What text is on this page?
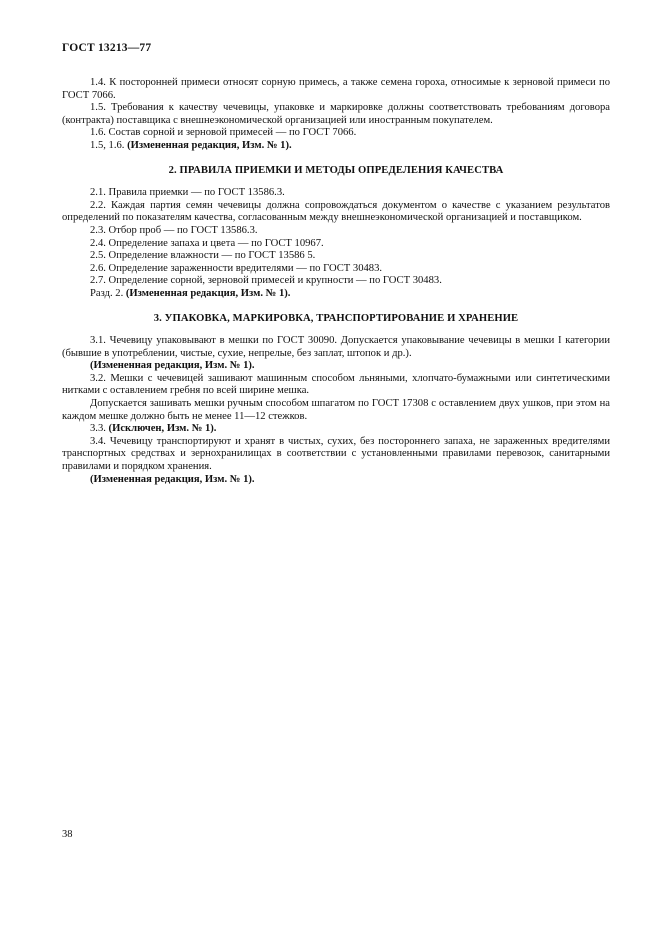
ГОСТ 13213—77

1.4. К посторонней примеси относят сорную примесь, а также семена гороха, относимые к зерновой примеси по ГОСТ 7066.

1.5. Требования к качеству чечевицы, упаковке и маркировке должны соответствовать требованиям договора (контракта) поставщика с внешнеэкономической организацией или иностранным покупателем.

1.6. Состав сорной и зерновой примесей — по ГОСТ 7066.

1.5, 1.6. (Измененная редакция, Изм. № 1).

2. ПРАВИЛА ПРИЕМКИ И МЕТОДЫ ОПРЕДЕЛЕНИЯ КАЧЕСТВА

2.1. Правила приемки — по ГОСТ 13586.3.

2.2. Каждая партия семян чечевицы должна сопровождаться документом о качестве с указанием результатов определений по показателям качества, согласованным между внешнеэкономической организацией и поставщиком.

2.3. Отбор проб — по ГОСТ 13586.3.

2.4. Определение запаха и цвета — по ГОСТ 10967.

2.5. Определение влажности — по ГОСТ 13586 5.

2.6. Определение зараженности вредителями — по ГОСТ 30483.

2.7. Определение сорной, зерновой примесей и крупности — по ГОСТ 30483.

Разд. 2. (Измененная редакция, Изм. № 1).

3. УПАКОВКА, МАРКИРОВКА, ТРАНСПОРТИРОВАНИЕ И ХРАНЕНИЕ

3.1. Чечевицу упаковывают в мешки по ГОСТ 30090. Допускается упаковывание чечевицы в мешки I категории (бывшие в употреблении, чистые, сухие, непрелые, без заплат, штопок и др.).

(Измененная редакция, Изм. № 1).

3.2. Мешки с чечевицей зашивают машинным способом льняными, хлопчато-бумажными или синтетическими нитками с оставлением гребня по всей ширине мешка.

Допускается зашивать мешки ручным способом шпагатом по ГОСТ 17308 с оставлением двух ушков, при этом на каждом мешке должно быть не менее 11—12 стежков.

3.3. (Исключен, Изм. № 1).

3.4. Чечевицу транспортируют и хранят в чистых, сухих, без постороннего запаха, не зараженных вредителями транспортных средствах и зернохранилищах в соответствии с установленными правилами перевозок, санитарными правилами и порядком хранения.

(Измененная редакция, Изм. № 1).

38
